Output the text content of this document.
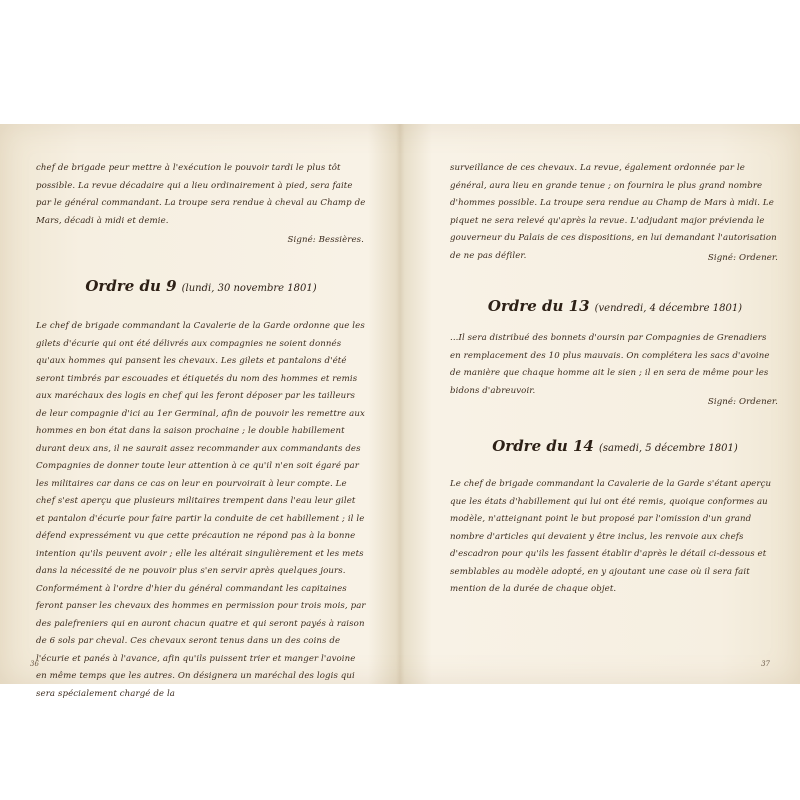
chef de brigade peur mettre à l'exécution le pouvoir tardi le plus tôt possible. La revue décadaire qui a lieu ordinairement à pied, sera faite par le général commandant. La troupe sera rendue à cheval au Champ de Mars, décadi à midi et demie.
Signé: Bessières.
Ordre du 9 (lundi, 30 novembre 1801)
Le chef de brigade commandant la Cavalerie de la Garde ordonne que les gilets d'écurie qui ont été délivrés aux compagnies ne soient donnés qu'aux hommes qui pansent les chevaux. Les gilets et pantalons d'été seront timbrés par escouades et étiquetés du nom des hommes et remis aux maréchaux des logis en chef qui les feront déposer par les tailleurs de leur compagnie d'ici au 1er Germinal, afin de pouvoir les remettre aux hommes en bon état dans la saison prochaine ; le double habillement durant deux ans, il ne saurait assez recommander aux commandants des Compagnies de donner toute leur attention à ce qu'il n'en soit égaré par les militaires car dans ce cas on leur en pourvoirait à leur compte. Le chef s'est aperçu que plusieurs militaires trempent dans l'eau leur gilet et pantalon d'écurie pour faire partir la conduite de cet habillement ; il le défend expressément vu que cette précaution ne répond pas à la bonne intention qu'ils peuvent avoir ; elle les altérait singulièrement et les mets dans la nécessité de ne pouvoir plus s'en servir après quelques jours. Conformément à l'ordre d'hier du général commandant les capitaines feront panser les chevaux des hommes en permission pour trois mois, par des palefreniers qui en auront chacun quatre et qui seront payés à raison de 6 sols par cheval. Ces chevaux seront tenus dans un des coins de l'écurie et panés à l'avance, afin qu'ils puissent trier et manger l'avoine en même temps que les autres. On désignera un maréchal des logis qui sera spécialement chargé de la
36
surveillance de ces chevaux. La revue, également ordonnée par le général, aura lieu en grande tenue ; on fournira le plus grand nombre d'hommes possible. La troupe sera rendue au Champ de Mars à midi. Le piquet ne sera relevé qu'après la revue. L'adjudant major prévienda le gouverneur du Palais de ces dispositions, en lui demandant l'autorisation de ne pas défiler.	Signé: Ordener.
Ordre du 13 (vendredi, 4 décembre 1801)
...Il sera distribué des bonnets d'oursin par Compagnies de Grenadiers en remplacement des 10 plus mauvais. On complétera les sacs d'avoine de manière que chaque homme ait le sien ; il en sera de même pour les bidons d'abreuvoir.
Signé: Ordener.
Ordre du 14 (samedi, 5 décembre 1801)
Le chef de brigade commandant la Cavalerie de la Garde s'étant aperçu que les états d'habillement qui lui ont été remis, quoique conformes au modèle, n'atteignant point le but proposé par l'omission d'un grand nombre d'articles qui devaient y être inclus, les renvoie aux chefs d'escadron pour qu'ils les fassent établir d'après le détail ci-dessous et semblables au modèle adopté, en y ajoutant une case où il sera fait mention de la durée de chaque objet.
37
